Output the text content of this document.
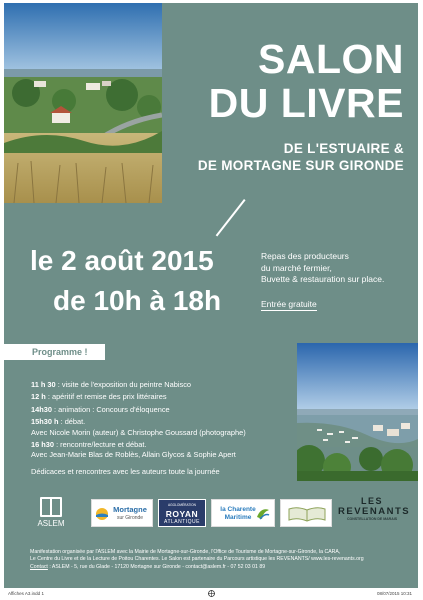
SALON
DU LIVRE
DE L'ESTUAIRE &
DE MORTAGNE SUR GIRONDE
le 2 août 2015
de 10h à 18h
Repas des producteurs
du marché fermier,
Buvette & restauration sur place.
Entrée gratuite
Programme !
11 h 30 : visite de l'exposition du peintre Nabisco
12 h : apéritif et remise des prix littéraires
14h30 : animation : Concours d'éloquence
15h30 h : débat.
Avec Nicole Morin (auteur) & Christophe Goussard (photographe)
16 h30 : rencontre/lecture et débat.
Avec Jean-Marie Blas de Roblès, Allain Glycos & Sophie Apert
Dédicaces et rencontres avec les auteurs toute la journée
ASLEM
Mortagne
sur Gironde
AGGLOMÉRATION
ROYAN
ATLANTIQUE
la Charente
Maritime
LES
REVENANTS
CONSTELLATION DE MARAIS
Manifestation organisée par l'ASLEM avec la Mairie de Mortagne-sur-Gironde, l'Office de Tourisme de Mortagne-sur-Gironde, la CARA,
Le Centre du Livre et de la Lecture de Poitou Charentes. Le Salon est partenaire du Parcours artistique les REVENANTS/ www.les-revenants.org
Contact : ASLEM - 5, rue du Glade - 17120 Mortagne sur Gironde - contact@aslem.fr - 07 52 03 01 89
Affiches A3.indd 1	08/07/2015 10:31
